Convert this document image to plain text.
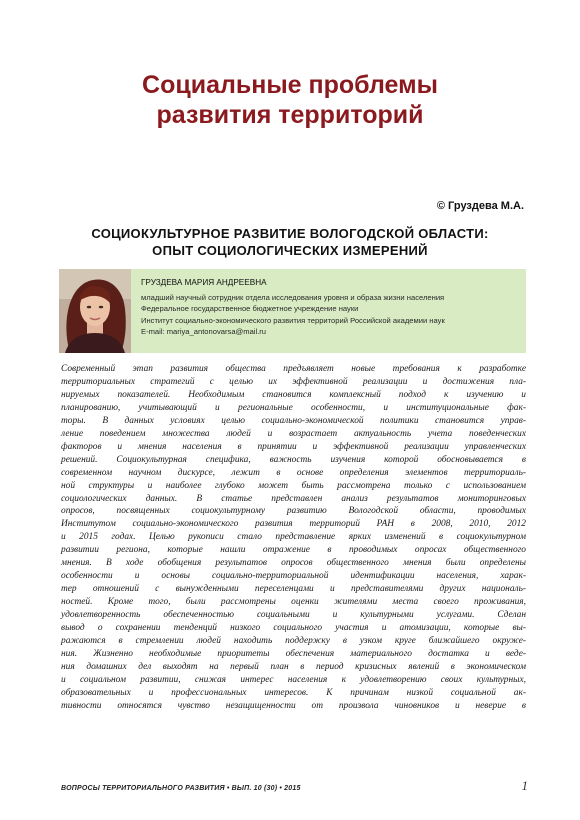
Социальные проблемы
развития территорий
© Груздева М.А.
СОЦИОКУЛЬТУРНОЕ РАЗВИТИЕ ВОЛОГОДСКОЙ ОБЛАСТИ:
ОПЫТ СОЦИОЛОГИЧЕСКИХ ИЗМЕРЕНИЙ
ГРУЗДЕВА МАРИЯ АНДРЕЕВНА
младший научный сотрудник отдела исследования уровня и образа жизни населения
Федеральное государственное бюджетное учреждение науки
Институт социально-экономического развития территорий Российской академии наук
E-mail: mariya_antonovarsa@mail.ru
Современный этап развития общества предъявляет новые требования к разработке
территориальных стратегий с целью их эффективной реализации и достижения пла-
нируемых показателей. Необходимым становится комплексный подход к изучению и
планированию, учитывающий и региональные особенности, и институциональные фак-
торы. В данных условиях целью социально-экономической политики становится управ-
ление поведением множества людей и возрастает актуальность учета поведенческих
факторов и мнения населения в принятии и эффективной реализации управленческих
решений. Социокультурная специфика, важность изучения которой обосновывается в
современном научном дискурсе, лежит в основе определения элементов территориаль-
ной структуры и наиболее глубоко может быть рассмотрена только с использованием
социологических данных. В статье представлен анализ результатов мониторинговых
опросов, посвященных социокультурному развитию Вологодской области, проводимых
Институтом социально-экономического развития территорий РАН в 2008, 2010, 2012
и 2015 годах. Целью рукописи стало представление ярких изменений в социокультурном
развитии региона, которые нашли отражение в проводимых опросах общественного
мнения. В ходе обобщения результатов опросов общественного мнения были определены
особенности и основы социально-территориальной идентификации населения, харак-
тер отношений с вынужденными переселенцами и представителями других националь-
ностей. Кроме того, были рассмотрены оценки жителями места своего проживания,
удовлетворенность обеспеченностью социальными и культурными услугами. Сделан
вывод о сохранении тенденций низкого социального участия и атомизации, которые вы-
ражаются в стремлении людей находить поддержку в узком круге ближайшего окруже-
ния. Жизненно необходимые приоритеты обеспечения материального достатка и веде-
ния домашних дел выходят на первый план в период кризисных явлений в экономическом
и социальном развитии, снижая интерес населения к удовлетворению своих культурных,
образовательных и профессиональных интересов. К причинам низкой социальной ак-
тивности относятся чувство незащищенности от произвола чиновников и неверие в
ВОПРОСЫ ТЕРРИТОРИАЛЬНОГО РАЗВИТИЯ • ВЫП. 10 (30) • 2015	1
